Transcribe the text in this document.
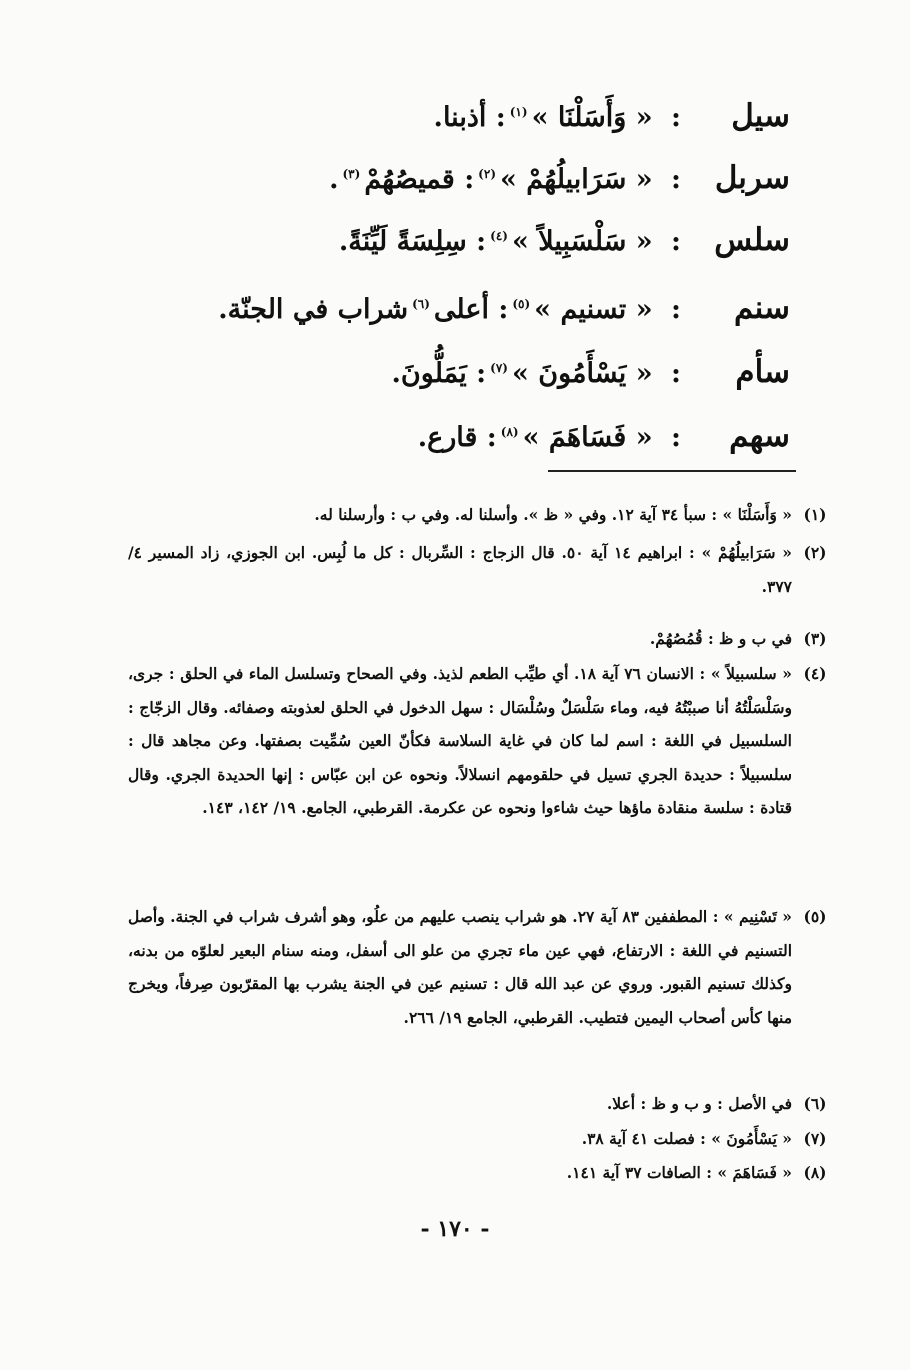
سيل: « وَأَسَلْنَا »$^{(١)}$: أذبنا.
سربل: « سَرَابيلُهُمْ »$^{(٢)}$: قميصُهُمْ$^{(٣)}$.
سلس: « سَلْسَبِيلاً »$^{(٤)}$: سِلِسَةً لَيِّنَةً.
سنم: « تسنيم »$^{(٥)}$: أعلى$^{(٦)}$شراب في الجنّة.
سأم: « يَسْأَمُونَ »$^{(٧)}$: يَمَلُّونَ.
سهم: « فَسَاهَمَ »$^{(٨)}$: قارع.
(١)
« وَأَسَلْنَا » : سبأ ٣٤ آية ١٢. وفي « ظ ». وأسلنا له. وفي ب : وأرسلنا له.
(٢)
« سَرَابيلُهُمْ » : ابراهيم ١٤ آية ٥٠. قال الزجاج : السِّربال : كل ما لُبِس. ابن الجوزي، زاد المسير ٤/ ٣٧٧.
(٣)
في ب و ظ : قُمُصُهُمْ.
(٤)
« سلسبيلاً » : الانسان ٧٦ آية ١٨. أي طيِّب الطعم لذيذ. وفي الصحاح وتسلسل الماء في الحلق : جرى، وسَلْسَلْتُهُ أنا صببْتُهُ فيه، وماء سَلْسَلٌ وسُلْسَال : سهل الدخول في الحلق لعذوبته وصفائه. وقال الزجّاج : السلسبيل في اللغة : اسم لما كان في غاية السلاسة فكأنّ العين سُمِّيت بصفتها. وعن مجاهد قال : سلسبيلاً : حديدة الجري تسيل في حلقومهم انسلالاً. ونحوه عن ابن عبّاس : إنها الحديدة الجري. وقال قتادة : سلسة منقادة ماؤها حيث شاءوا ونحوه عن عكرمة. القرطبي، الجامع. ١٩/ ١٤٢، ١٤٣.
(٥)
« تَسْنِيم » : المطففين ٨٣ آية ٢٧. هو شراب ينصب عليهم من علُو، وهو أشرف شراب في الجنة. وأصل التسنيم في اللغة : الارتفاع، فهي عين ماء تجري من علو الى أسفل، ومنه سنام البعير لعلوّه من بدنه، وكذلك تسنيم القبور. وروي عن عبد الله قال : تسنيم عين في الجنة يشرب بها المقرّبون صِرفاً، ويخرج منها كأس أصحاب اليمين فتطيب. القرطبي، الجامع ١٩/ ٢٦٦.
(٦)
في الأصل : و ب و ظ : أعلا.
(٧)
« يَسْأَمُونَ » : فصلت ٤١ آية ٣٨.
(٨)
« فَسَاهَمَ » : الصافات ٣٧ آية ١٤١.
- ١٧٠ -
